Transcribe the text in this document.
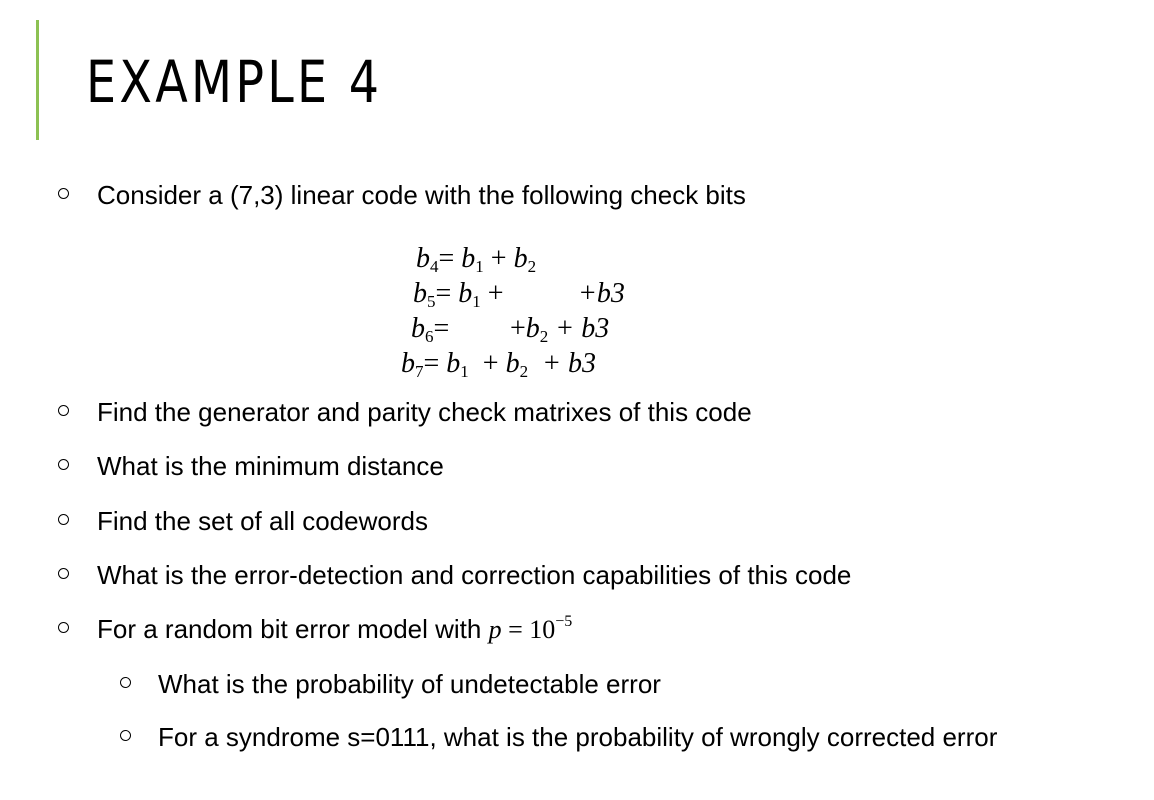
EXAMPLE 4
Consider a (7,3) linear code with the following check bits
$b_4= b_1 + b_2$
$b_5= b_1$ +	+b3
$b_6= +b_2 + b3$
$b_7= b_1 + b_2 + b3$
Find the generator and parity check matrixes of this code
What is the minimum distance
Find the set of all codewords
What is the error-detection and correction capabilities of this code
For a random bit error model with $p = 10^{-5}$
What is the probability of undetectable error
For a syndrome s=0111, what is the probability of wrongly corrected error
